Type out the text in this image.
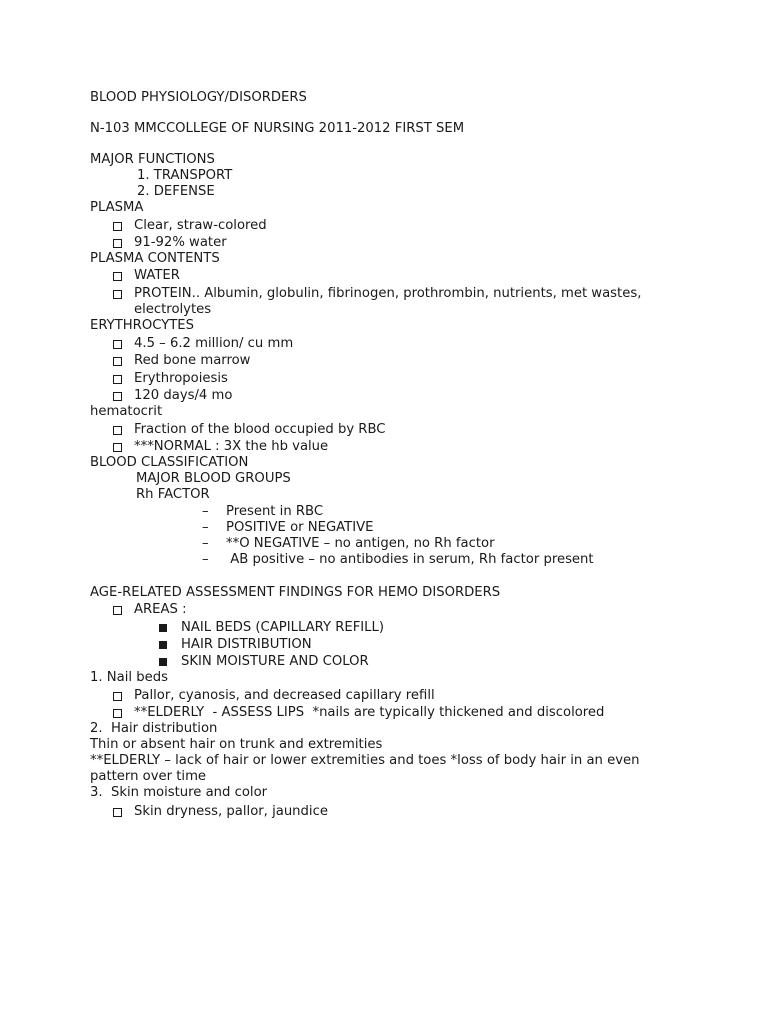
BLOOD PHYSIOLOGY/DISORDERS
N-103 MMCCOLLEGE OF NURSING 2011-2012 FIRST SEM
MAJOR FUNCTIONS
1. TRANSPORT
2. DEFENSE
PLASMA
Clear, straw-colored
91-92% water
PLASMA CONTENTS
WATER
PROTEIN.. Albumin, globulin, fibrinogen, prothrombin, nutrients, met wastes,
electrolytes
ERYTHROCYTES
4.5 – 6.2 million/ cu mm
Red bone marrow
Erythropoiesis
120 days/4 mo
hematocrit
Fraction of the blood occupied by RBC
***NORMAL : 3X the hb value
BLOOD CLASSIFICATION
MAJOR BLOOD GROUPS
Rh FACTOR
– Present in RBC
– POSITIVE or NEGATIVE
– **O NEGATIVE – no antigen, no Rh factor
– AB positive – no antibodies in serum, Rh factor present
AGE-RELATED ASSESSMENT FINDINGS FOR HEMO DISORDERS
AREAS :
NAIL BEDS (CAPILLARY REFILL)
HAIR DISTRIBUTION
SKIN MOISTURE AND COLOR
1. Nail beds
Pallor, cyanosis, and decreased capillary refill
**ELDERLY  - ASSESS LIPS  *nails are typically thickened and discolored
2.  Hair distribution
Thin or absent hair on trunk and extremities
**ELDERLY – lack of hair or lower extremities and toes *loss of body hair in an even
pattern over time
3.  Skin moisture and color
Skin dryness, pallor, jaundice
